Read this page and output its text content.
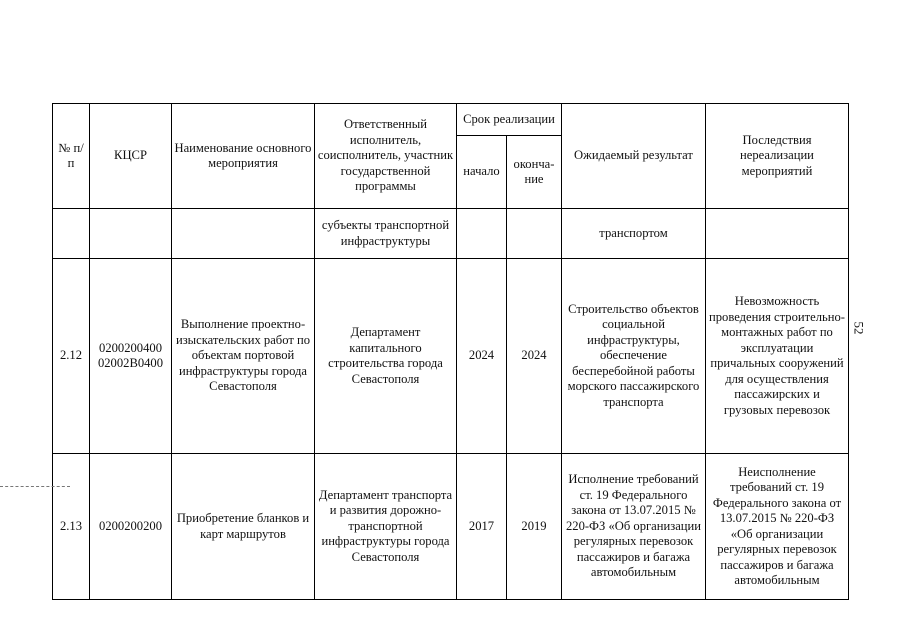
№ п/п	КЦСР	Наименование основного мероприятия	Ответственный исполнитель, соисполнитель, участник государственной программы	Срок реализации		Ожидаемый результат	Последствия нереализации мероприятий
				начало	оконча-ние		
			субъекты транспортной инфраструктуры			транспортом	
2.12	0200200400 02002B0400	Выполнение проектно-изыскательских работ по объектам портовой инфраструктуры города Севастополя	Департамент капитального строительства города Севастополя	2024	2024	Строительство объектов социальной инфраструктуры, обеспечение бесперебойной работы морского пассажирского транспорта	Невозможность проведения строительно-монтажных работ по эксплуатации причальных сооружений для осуществления пассажирских и грузовых перевозок
2.13	0200200200	Приобретение бланков и карт маршрутов	Департамент транспорта и развития дорожно-транспортной инфраструктуры города Севастополя	2017	2019	Исполнение требований ст. 19 Федерального закона от 13.07.2015 № 220-ФЗ «Об организации регулярных перевозок пассажиров и багажа автомобильным	Неисполнение требований ст. 19 Федерального закона от 13.07.2015 № 220-ФЗ «Об организации регулярных перевозок пассажиров и багажа автомобильным
52
